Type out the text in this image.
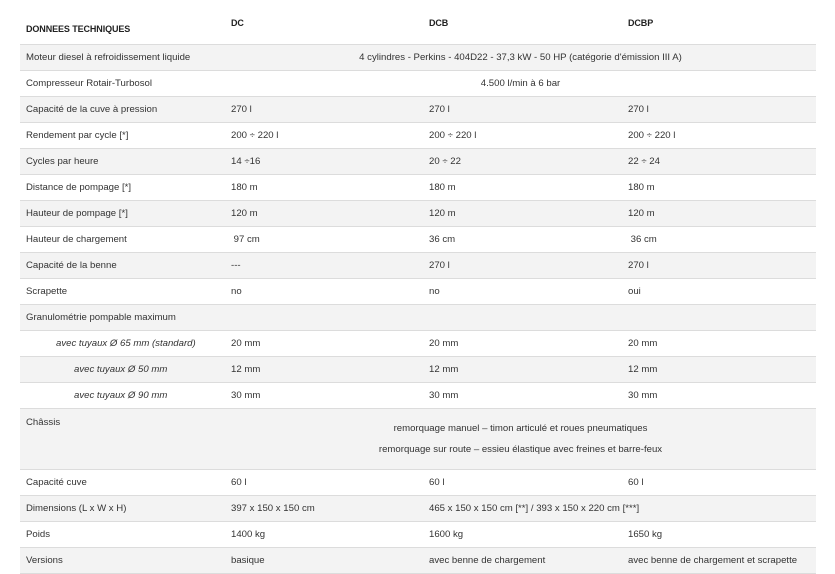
DONNEES TECHNIQUES	DC	DCB	DCBP
Moteur diesel à refroidissement liquide	4 cylindres - Perkins - 404D22 - 37,3 kW - 50 HP (catégorie d'émission III A)		
Compresseur Rotair-Turbosol	4.500 l/min à 6 bar		
Capacité de la cuve à pression	270 l	270 l	270 l
Rendement par cycle [*]	200 ÷ 220 l	200 ÷ 220 l	200 ÷ 220 l
Cycles par heure	14 ÷16	20 ÷ 22	22 ÷ 24
Distance de pompage [*]	180 m	180 m	180 m
Hauteur de pompage [*]	120 m	120 m	120 m
Hauteur de chargement	97 cm	36 cm	36 cm
Capacité de la benne	---	270 l	270 l
Scrapette	no	no	oui
Granulométrie pompable maximum			
avec tuyaux Ø 65 mm (standard)	20 mm	20 mm	20 mm
avec tuyaux Ø 50 mm	12 mm	12 mm	12 mm
avec tuyaux Ø 90 mm	30 mm	30 mm	30 mm
Châssis	remorquage manuel – timon articulé et roues pneumatiques
remorquage sur route – essieu élastique avec freines et barre-feux		

Capacité cuve	60 l	60 l	60 l
Dimensions (L x W x H)	397 x 150 x 150 cm	465 x 150 x 150 cm [**] / 393 x 150 x 220 cm [***]	
Poids	1400 kg	1600 kg	1650 kg
Versions	basique	avec benne de chargement	avec benne de chargement et scrapette
